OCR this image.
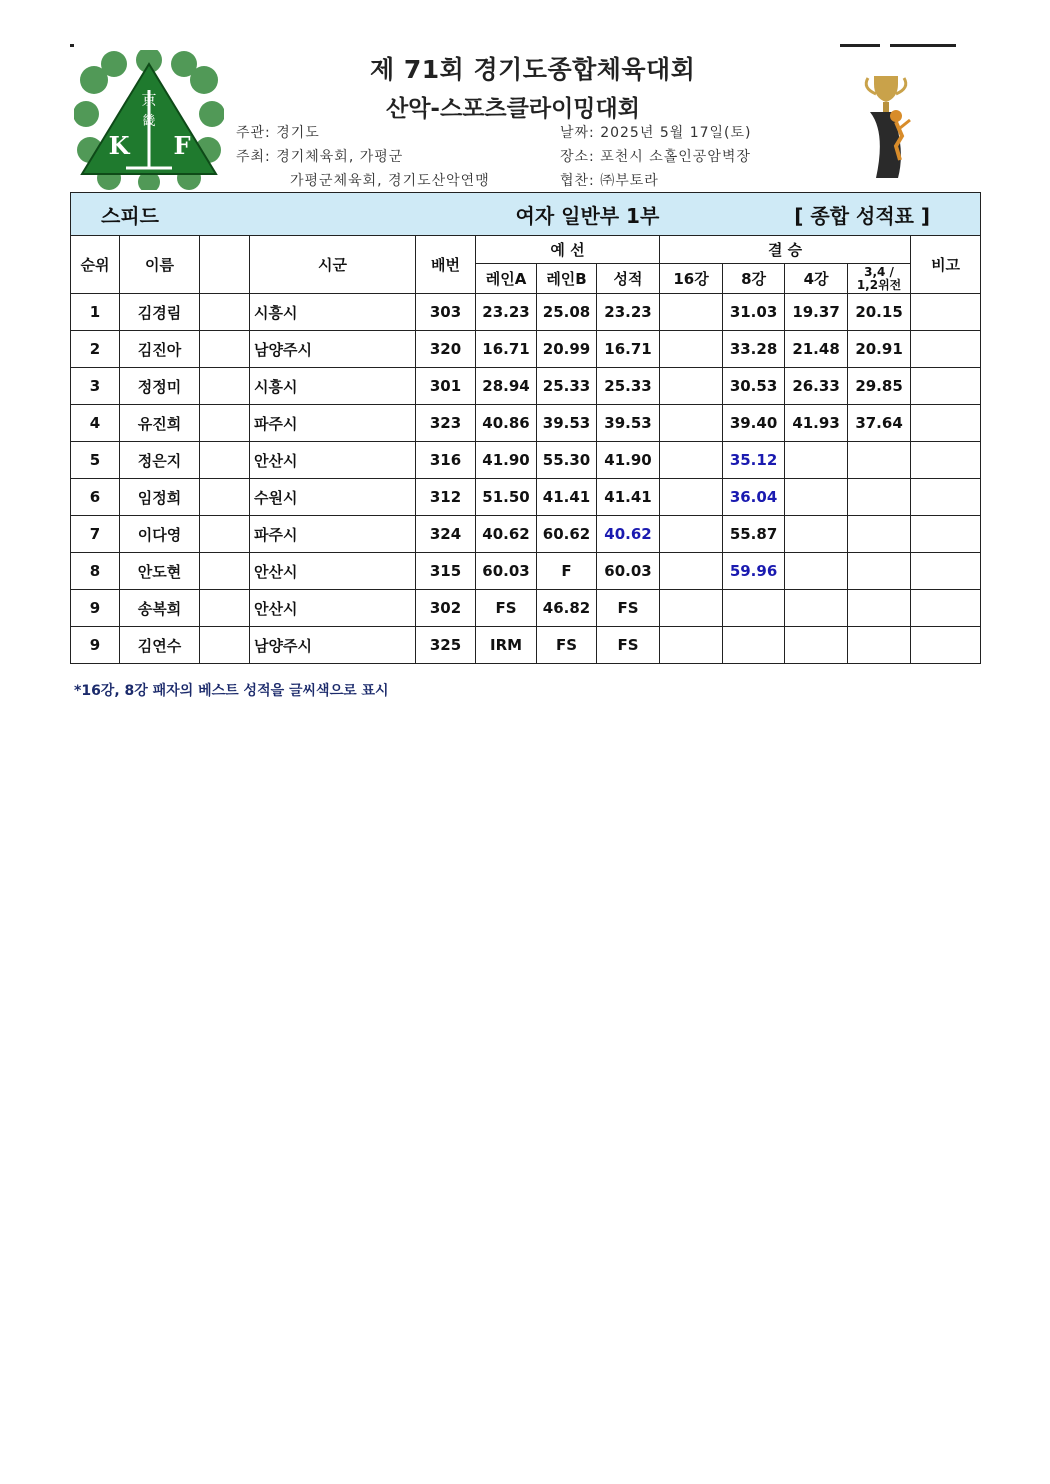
京
畿
K F
제 71회 경기도종합체육대회
산악-스포츠클라이밍대회
주관: 경기도
주최: 경기체육회, 가평군
가평군체육회, 경기도산악연맹
날짜: 2025년 5월 17일(토)
장소: 포천시 소홀인공암벽장
협찬: ㈜부토라
스피드				여자 일반부 1부					[ 종합 성적표 ]			
순위	이름		시군	배번	예 선			결 승				비고
					레인A	레인B	성적	16강	8강	4강	3,4 /
1,2위전	
1	김경림		시흥시	303	23.23	25.08	23.23		31.03	19.37	20.15	
2	김진아		남양주시	320	16.71	20.99	16.71		33.28	21.48	20.91	
3	정정미		시흥시	301	28.94	25.33	25.33		30.53	26.33	29.85	
4	유진희		파주시	323	40.86	39.53	39.53		39.40	41.93	37.64	
5	정은지		안산시	316	41.90	55.30	41.90		35.12			
6	임정희		수원시	312	51.50	41.41	41.41		36.04			
7	이다영		파주시	324	40.62	60.62	40.62		55.87			
8	안도현		안산시	315	60.03	F	60.03		59.96			
9	송복희		안산시	302	FS	46.82	FS					
9	김연수		남양주시	325	IRM	FS	FS					
*16강, 8강 패자의 베스트 성적을 글씨색으로 표시
